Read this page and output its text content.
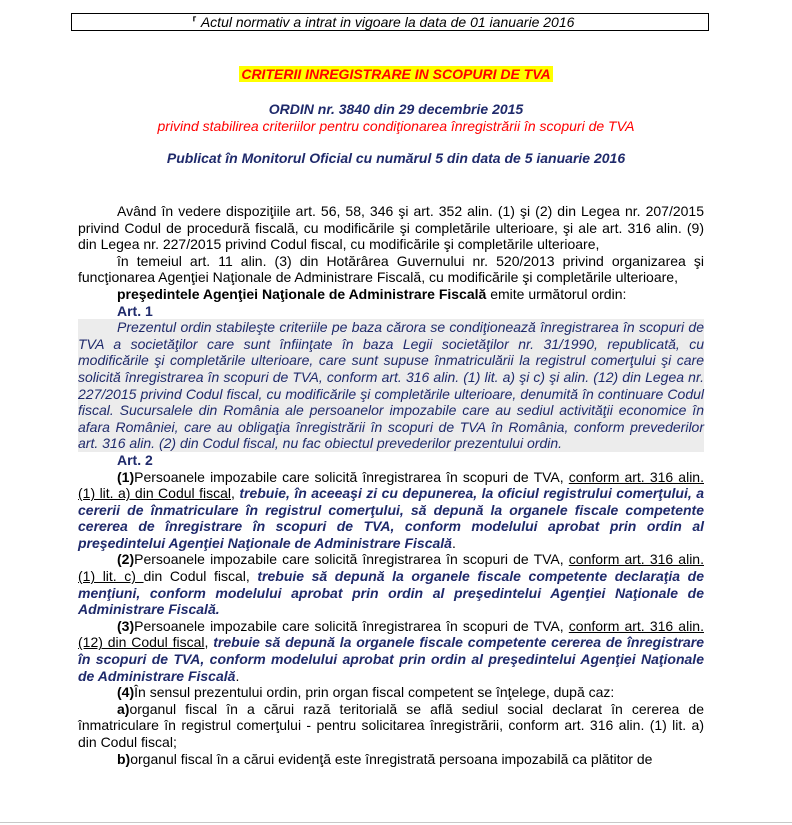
⸢ Actul normativ a intrat in vigoare la data de 01 ianuarie 2016
CRITERII INREGISTRARE IN SCOPURI DE TVA
ORDIN nr. 3840 din 29 decembrie 2015
privind stabilirea criteriilor pentru condiţionarea înregistrării în scopuri de TVA
Publicat în Monitorul Oficial cu numărul 5 din data de 5 ianuarie 2016

Având în vedere dispoziţiile art. 56, 58, 346 şi art. 352 alin. (1) şi (2) din Legea nr. 207/2015 privind Codul de procedură fiscală, cu modificările şi completările ulterioare, şi ale art. 316 alin. (9) din Legea nr. 227/2015 privind Codul fiscal, cu modificările şi completările ulterioare,

în temeiul art. 11 alin. (3) din Hotărârea Guvernului nr. 520/2013 privind organizarea şi funcţionarea Agenţiei Naţionale de Administrare Fiscală, cu modificările şi completările ulterioare,

preşedintele Agenţiei Naţionale de Administrare Fiscală emite următorul ordin:

Art. 1

Prezentul ordin stabileşte criteriile pe baza cărora se condiţionează înregistrarea în scopuri de TVA a societăţilor care sunt înfiinţate în baza Legii societăţilor nr. 31/1990, republicată, cu modificările şi completările ulterioare, care sunt supuse înmatriculării la registrul comerţului şi care solicită înregistrarea în scopuri de TVA, conform art. 316 alin. (1) lit. a) şi c) şi alin. (12) din Legea nr. 227/2015 privind Codul fiscal, cu modificările şi completările ulterioare, denumită în continuare Codul fiscal. Sucursalele din România ale persoanelor impozabile care au sediul activităţii economice în afara României, care au obligaţia înregistrării în scopuri de TVA în România, conform prevederilor art. 316 alin. (2) din Codul fiscal, nu fac obiectul prevederilor prezentului ordin.

Art. 2

(1)Persoanele impozabile care solicită înregistrarea în scopuri de TVA, conform art. 316 alin. (1) lit. a) din Codul fiscal, trebuie, în aceeaşi zi cu depunerea, la oficiul registrului comerţului, a cererii de înmatriculare în registrul comerţului, să depună la organele fiscale competente cererea de înregistrare în scopuri de TVA, conform modelului aprobat prin ordin al preşedintelui Agenţiei Naţionale de Administrare Fiscală.

(2)Persoanele impozabile care solicită înregistrarea în scopuri de TVA, conform art. 316 alin. (1) lit. c) din Codul fiscal, trebuie să depună la organele fiscale competente declaraţia de menţiuni, conform modelului aprobat prin ordin al preşedintelui Agenţiei Naţionale de Administrare Fiscală.

(3)Persoanele impozabile care solicită înregistrarea în scopuri de TVA, conform art. 316 alin. (12) din Codul fiscal, trebuie să depună la organele fiscale competente cererea de înregistrare în scopuri de TVA, conform modelului aprobat prin ordin al preşedintelui Agenţiei Naţionale de Administrare Fiscală.

(4)În sensul prezentului ordin, prin organ fiscal competent se înţelege, după caz:

a)organul fiscal în a cărui rază teritorială se află sediul social declarat în cererea de înmatriculare în registrul comerţului - pentru solicitarea înregistrării, conform art. 316 alin. (1) lit. a) din Codul fiscal;

b)organul fiscal în a cărui evidenţă este înregistrată persoana impozabilă ca plătitor de
